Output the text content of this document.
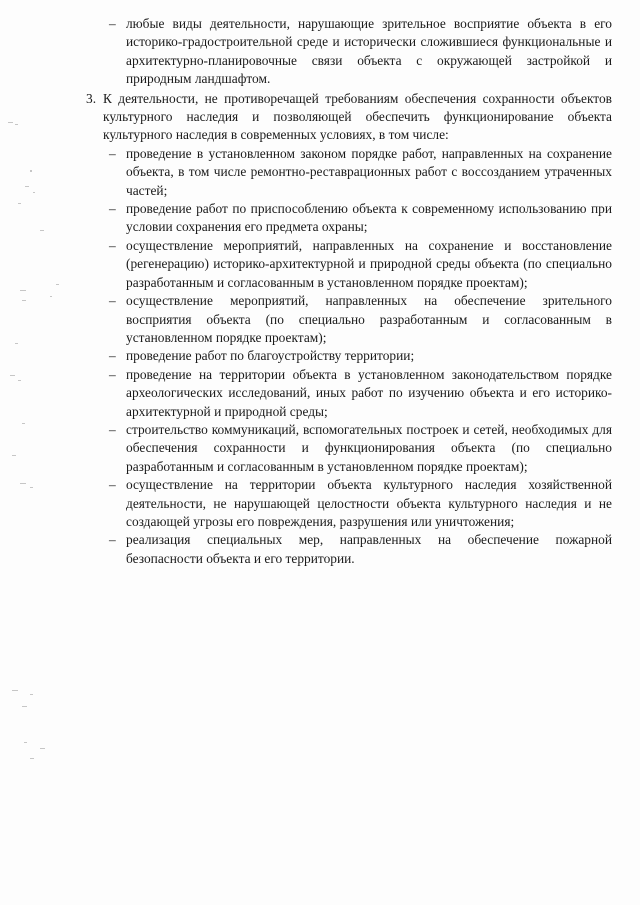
– любые виды деятельности, нарушающие зрительное восприятие объекта в его историко-градостроительной среде и исторически сложившиеся функциональные и архитектурно-планировочные связи объекта с окружающей застройкой и природным ландшафтом.
3. К деятельности, не противоречащей требованиям обеспечения сохранности объектов культурного наследия и позволяющей обеспечить функционирование объекта культурного наследия в современных условиях, в том числе:
– проведение в установленном законом порядке работ, направленных на сохранение объекта, в том числе ремонтно-реставрационных работ с воссозданием утраченных частей;
– проведение работ по приспособлению объекта к современному использованию при условии сохранения его предмета охраны;
– осуществление мероприятий, направленных на сохранение и восстановление (регенерацию) историко-архитектурной и природной среды объекта (по специально разработанным и согласованным в установленном порядке проектам);
– осуществление мероприятий, направленных на обеспечение зрительного восприятия объекта (по специально разработанным и согласованным в установленном порядке проектам);
– проведение работ по благоустройству территории;
– проведение на территории объекта в установленном законодательством порядке археологических исследований, иных работ по изучению объекта и его историко-архитектурной и природной среды;
– строительство коммуникаций, вспомогательных построек и сетей, необходимых для обеспечения сохранности и функционирования объекта (по специально разработанным и согласованным в установленном порядке проектам);
– осуществление на территории объекта культурного наследия хозяйственной деятельности, не нарушающей целостности объекта культурного наследия и не создающей угрозы его повреждения, разрушения или уничтожения;
– реализация специальных мер, направленных на обеспечение пожарной безопасности объекта и его территории.
